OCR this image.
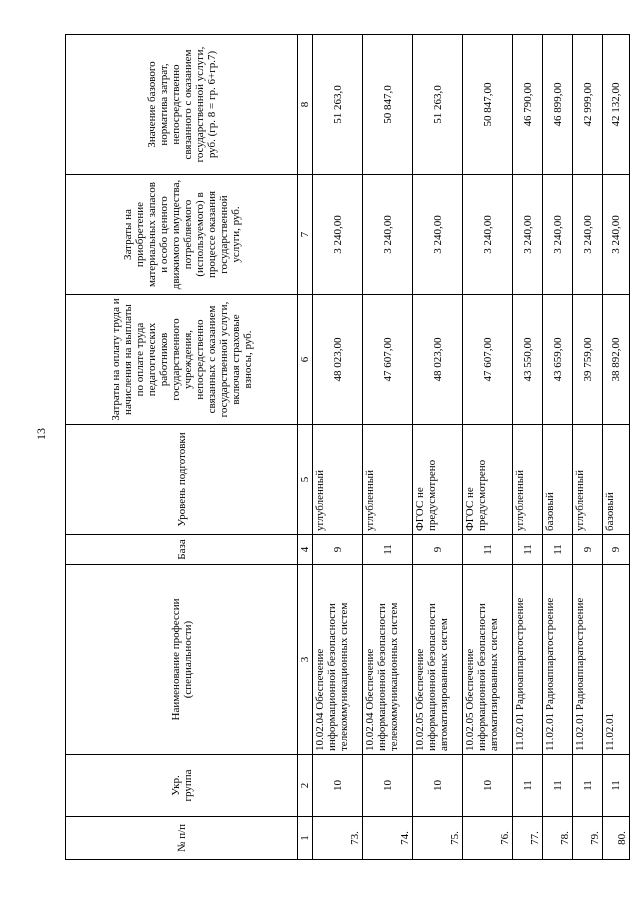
13
№ п/п	Укр. группа	Наименование профессии (специальности)	База	Уровень подготовки	Затраты на оплату труда и начисления на выплаты по оплате труда педагогических работников государственного учреждения, непосредственно связанных с оказанием государственной услуги, включая страховые взносы, руб.	Затраты на приобретение материальных запасов и особо ценного движимого имущества, потребляемого (используемого) в процессе оказания государственной услуги, руб.	Значение базового норматива затрат, непосредственно связанного с оказанием государственной услуги, руб. (гр. 8 = гр. 6+гр.7)
1	2	3	4	5	6	7	8
73.	10	10.02.04 Обеспечение информационной безопасности телекоммуникационных систем	9	углубленный	48 023,00	3 240,00	51 263,0
74.	10	10.02.04 Обеспечение информационной безопасности телекоммуникационных систем	11	углубленный	47 607,00	3 240,00	50 847,0
75.	10	10.02.05 Обеспечение информационной безопасности автоматизированных систем	9	ФГОС не предусмотрено	48 023,00	3 240,00	51 263,0
76.	10	10.02.05 Обеспечение информационной безопасности автоматизированных систем	11	ФГОС не предусмотрено	47 607,00	3 240,00	50 847,00
77.	11	11.02.01 Радиоаппаратостроение	11	углубленный	43 550,00	3 240,00	46 790,00
78.	11	11.02.01 Радиоаппаратостроение	11	базовый	43 659,00	3 240,00	46 899,00
79.	11	11.02.01 Радиоаппаратостроение	9	углубленный	39 759,00	3 240,00	42 999,00
80.	11	11.02.01	9	базовый	38 892,00	3 240,00	42 132,00
